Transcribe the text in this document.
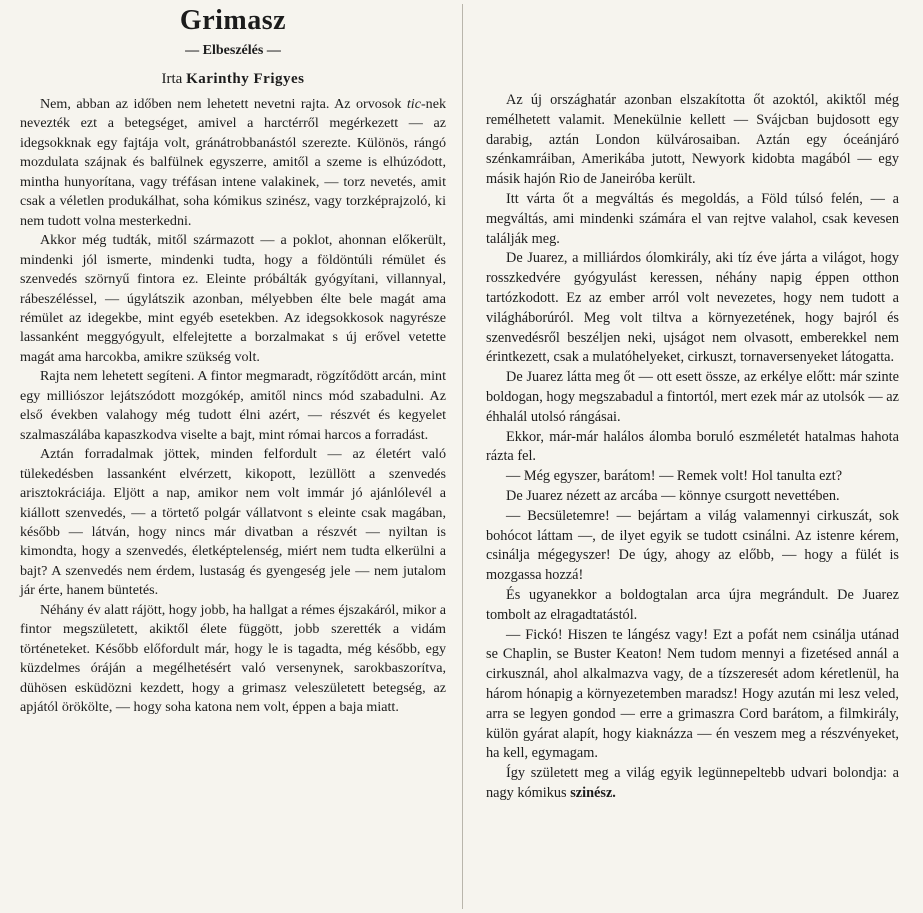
Grimasz
— Elbeszélés —
Irta Karinthy Frigyes

Nem, abban az időben nem lehetett nevetni rajta. Az orvosok tic-nek nevezték ezt a betegséget, amivel a harctérről megérkezett — az idegsokknak egy fajtája volt, gránátrobbanástól szerezte. Különös, rángó mozdulata szájnak és balfülnek egyszerre, amitől a szeme is elhúzódott, mintha hunyorítana, vagy tréfásan intene valakinek, — torz nevetés, amit csak a véletlen produkálhat, soha kómikus szinész, vagy torzképrajzoló, ki nem tudott volna mesterkedni.

Akkor még tudták, mitől származott — a poklot, ahonnan előkerült, mindenki jól ismerte, mindenki tudta, hogy a földöntúli rémület és szenvedés szörnyű fintora ez. Eleinte próbálták gyógyítani, villannyal, rábeszéléssel, — úgylátszik azonban, mélyebben élte bele magát ama rémület az idegekbe, mint egyéb esetekben. Az idegsokkosok nagyrésze lassanként meggyógyult, elfelejtette a borzalmakat s új erővel vetette magát ama harcokba, amikre szükség volt.

Rajta nem lehetett segíteni. A fintor megmaradt, rögzítődött arcán, mint egy milliószor lejátszódott mozgókép, amitől nincs mód szabadulni. Az első években valahogy még tudott élni azért, — részvét és kegyelet szalmaszálába kapaszkodva viselte a bajt, mint római harcos a forradást.

Aztán forradalmak jöttek, minden felfordult — az életért való tülekedésben lassanként elvérzett, kikopott, lezüllött a szenvedés arisztokráciája. Eljött a nap, amikor nem volt immár jó ajánlólevél a kiállott szenvedés, — a törtető polgár vállatvont s eleinte csak magában, később — látván, hogy nincs már divatban a részvét — nyiltan is kimondta, hogy a szenvedés, életképtelenség, miért nem tudta elkerülni a bajt? A szenvedés nem érdem, lustaság és gyengeség jele — nem jutalom jár érte, hanem büntetés.

Néhány év alatt rájött, hogy jobb, ha hallgat a rémes éjszakáról, mikor a fintor megszületett, akiktől élete függött, jobb szerették a vidám történeteket. Később előfordult már, hogy le is tagadta, még később, egy küzdelmes óráján a megélhetésért való versenynek, sarokbaszorítva, dühösen esküdözni kezdett, hogy a grimasz veleszületett betegség, az apjától örökölte, — hogy soha katona nem volt, éppen a baja miatt.

Az új országhatár azonban elszakította őt azoktól, akiktől még remélhetett valamit. Menekülnie kellett — Svájcban bujdosott egy darabig, aztán London külvárosaiban. Aztán egy óceánjáró szénkamráiban, Amerikába jutott, Newyork kidobta magából — egy másik hajón Rio de Janeiróba került.

Itt várta őt a megváltás és megoldás, a Föld túlsó felén, — a megváltás, ami mindenki számára el van rejtve valahol, csak kevesen találják meg.

De Juarez, a milliárdos ólomkirály, aki tíz éve járta a világot, hogy rosszkedvére gyógyulást keressen, néhány napig éppen otthon tartózkodott. Ez az ember arról volt nevezetes, hogy nem tudott a világháborúról. Meg volt tiltva a környezetének, hogy bajról és szenvedésről beszéljen neki, ujságot nem olvasott, emberekkel nem érintkezett, csak a mulatóhelyeket, cirkuszt, tornaversenyeket látogatta.

De Juarez látta meg őt — ott esett össze, az erkélye előtt: már szinte boldogan, hogy megszabadul a fintortól, mert ezek már az utolsók — az éhhalál utolsó rángásai.

Ekkor, már-már halálos álomba boruló eszméletét hatalmas hahota rázta fel.

— Még egyszer, barátom! — Remek volt! Hol tanulta ezt?

De Juarez nézett az arcába — könnye csurgott nevettében.

— Becsületemre! — bejártam a világ valamennyi cirkuszát, sok bohócot láttam —, de ilyet egyik se tudott csinálni. Az istenre kérem, csinálja mégegyszer! De úgy, ahogy az előbb, — hogy a fülét is mozgassa hozzá!

És ugyanekkor a boldogtalan arca újra megrándult. De Juarez tombolt az elragadtatástól.

— Fickó! Hiszen te lángész vagy! Ezt a pofát nem csinálja utánad se Chaplin, se Buster Keaton! Nem tudom mennyi a fizetésed annál a cirkusznál, ahol alkalmazva vagy, de a tízszeresét adom kéretlenül, ha három hónapig a környezetemben maradsz! Hogy azután mi lesz veled, arra se legyen gondod — erre a grimaszra Cord barátom, a filmkirály, külön gyárat alapít, hogy kiaknázza — én veszem meg a részvényeket, ha kell, egymagam.

Így született meg a világ egyik legünnepeltebb udvari bolondja: a nagy kómikus szinész.
